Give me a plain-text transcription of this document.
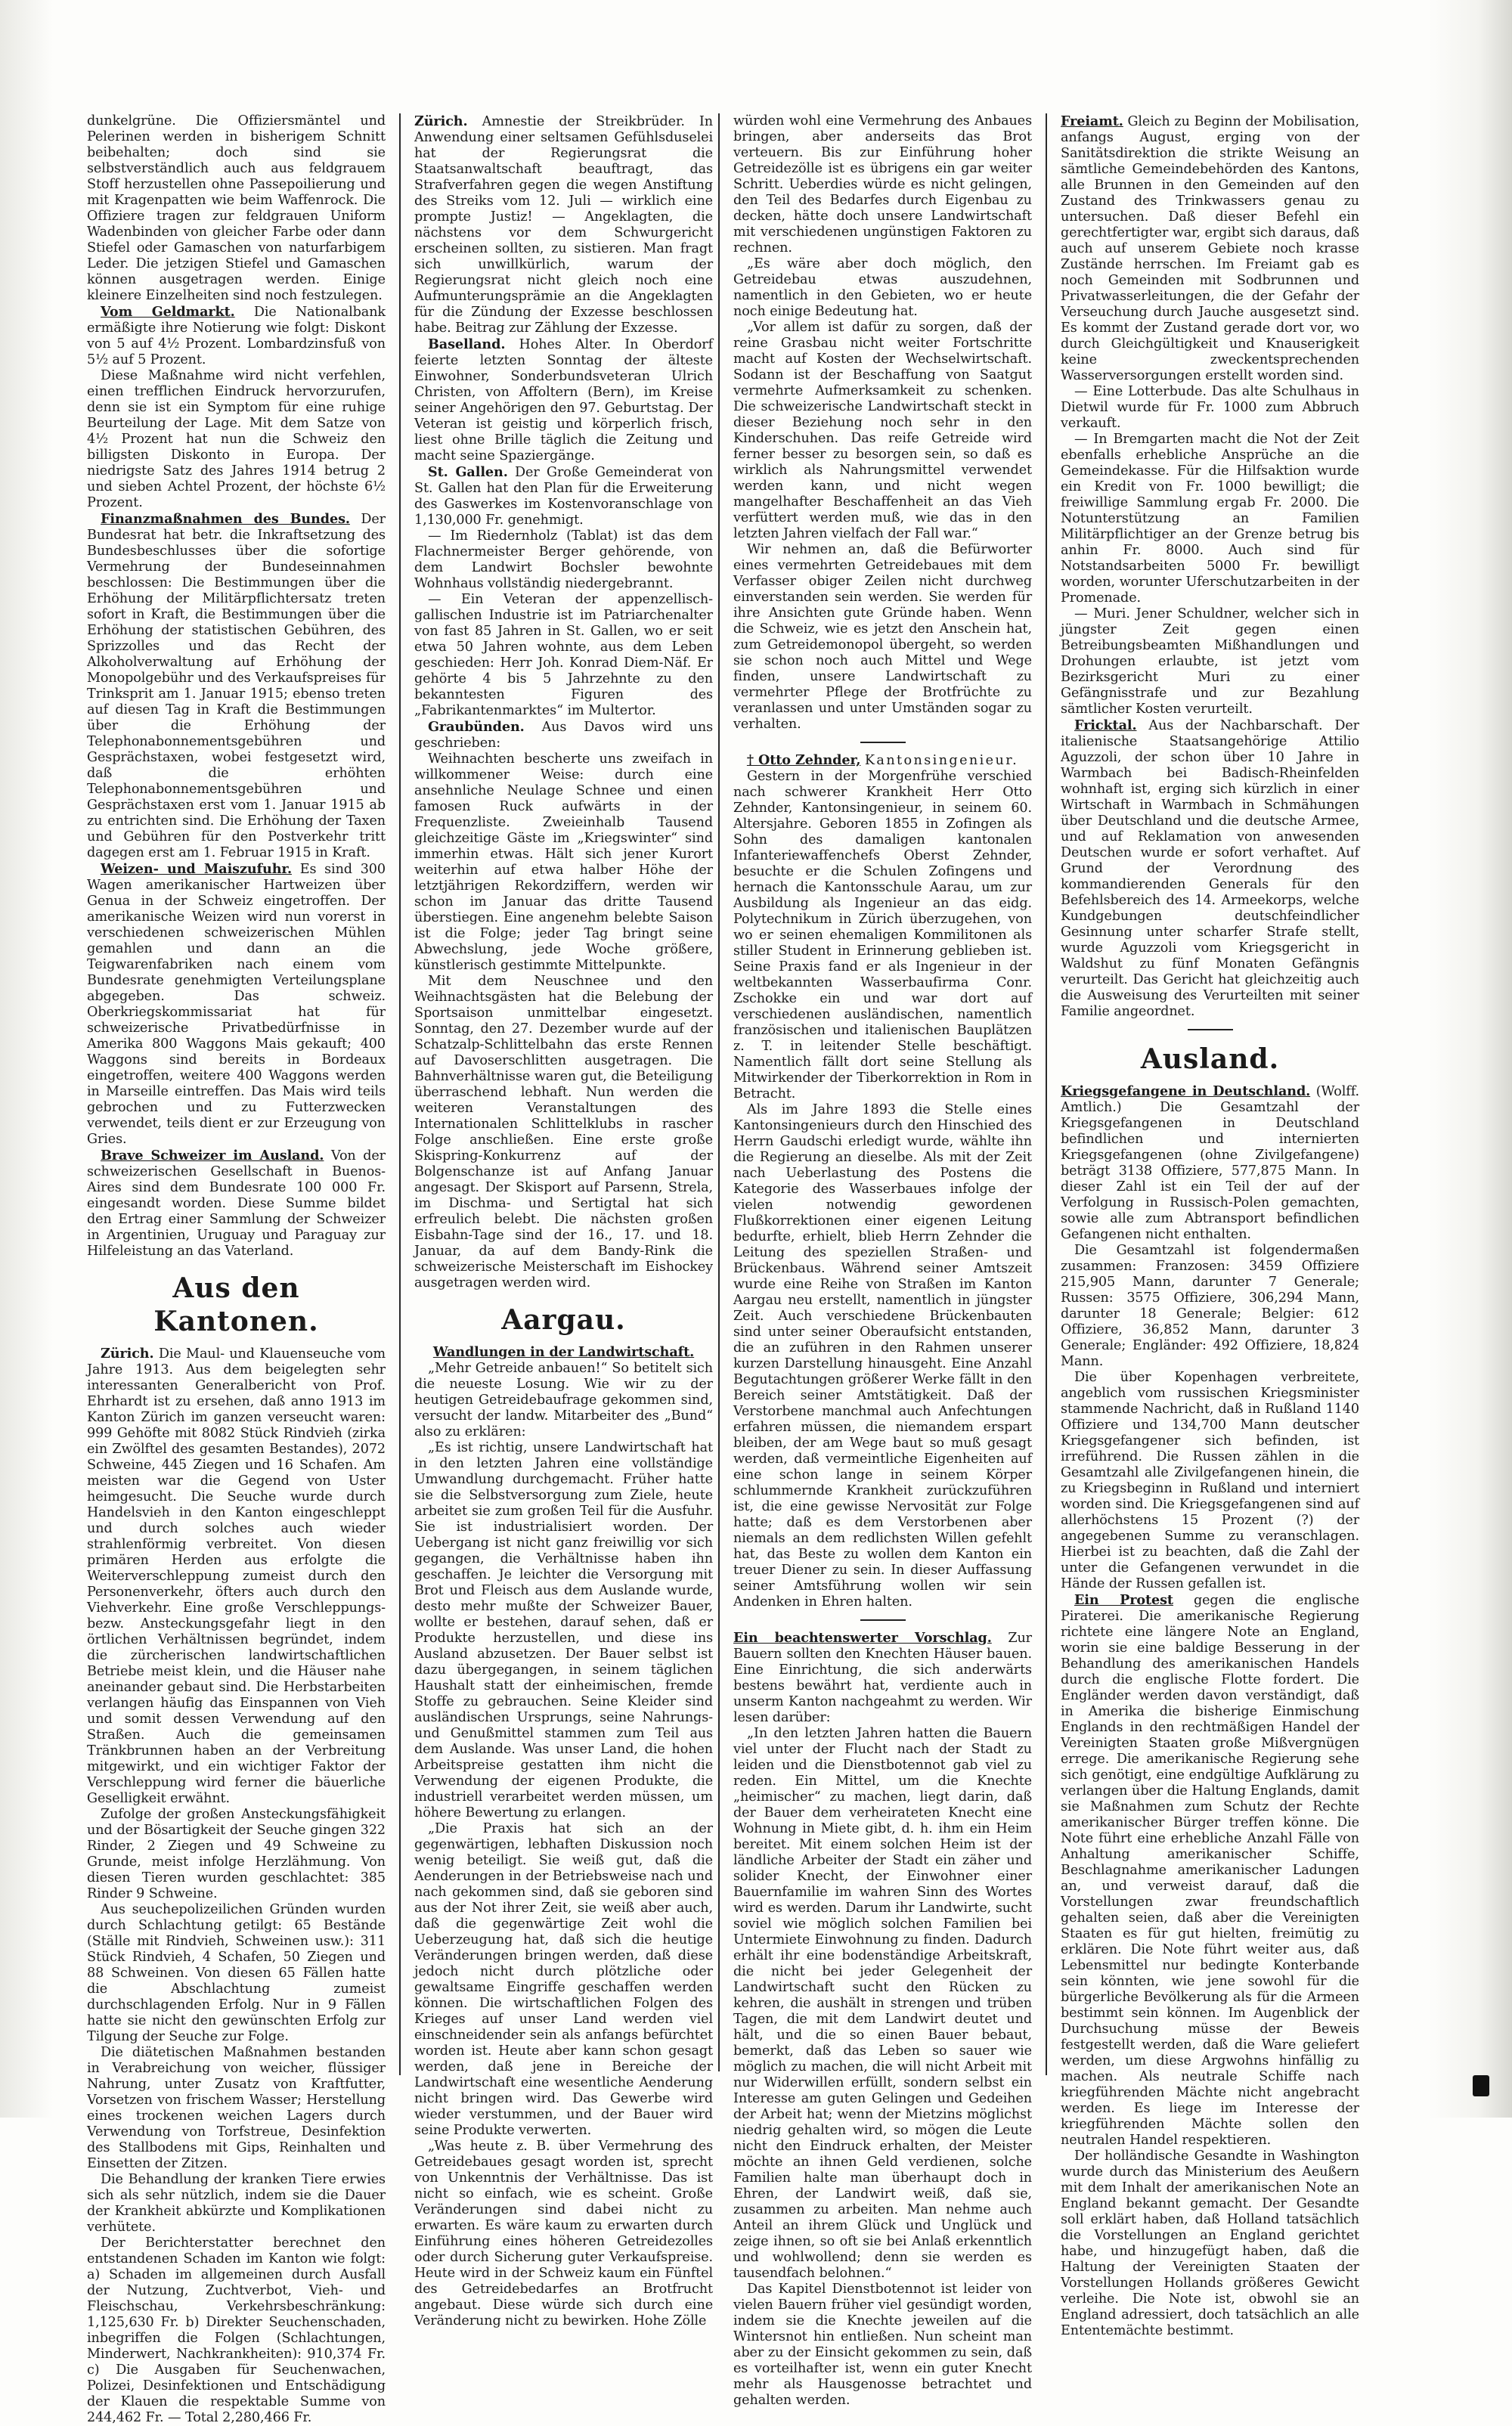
dunkelgrüne. Die Offiziersmäntel und Pelerinen werden in bisherigem Schnitt beibehalten; doch sind sie selbstverständlich auch aus feldgrauem Stoff herzustellen ohne Passepoilierung und mit Kragenpatten wie beim Waffenrock. Die Offiziere tragen zur feldgrauen Uniform Wadenbinden von gleicher Farbe oder dann Stiefel oder Gamaschen von naturfarbigem Leder. Die jetzigen Stiefel und Gamaschen können ausgetragen werden. Einige kleinere Einzelheiten sind noch festzulegen.

Vom Geldmarkt. Die Nationalbank ermäßigte ihre Notierung wie folgt: Diskont von 5 auf 4½ Prozent. Lombardzinsfuß von 5½ auf 5 Prozent.

Diese Maßnahme wird nicht verfehlen, einen trefflichen Eindruck hervorzurufen, denn sie ist ein Symptom für eine ruhige Beurteilung der Lage. Mit dem Satze von 4½ Prozent hat nun die Schweiz den billigsten Diskonto in Europa. Der niedrigste Satz des Jahres 1914 betrug 2 und sieben Achtel Prozent, der höchste 6½ Prozent.

Finanzmaßnahmen des Bundes. Der Bundesrat hat betr. die Inkraftsetzung des Bundesbeschlusses über die sofortige Vermehrung der Bundeseinnahmen beschlossen: Die Bestimmungen über die Erhöhung der Militärpflichtersatz treten sofort in Kraft, die Bestimmungen über die Erhöhung der statistischen Gebühren, des Sprizzolles und das Recht der Alkoholverwaltung auf Erhöhung der Monopolgebühr und des Verkaufspreises für Trinksprit am 1. Januar 1915; ebenso treten auf diesen Tag in Kraft die Bestimmungen über die Erhöhung der Telephonabonnementsgebühren und Gesprächstaxen, wobei festgesetzt wird, daß die erhöhten Telephonabonnementsgebühren und Gesprächstaxen erst vom 1. Januar 1915 ab zu entrichten sind. Die Erhöhung der Taxen und Gebühren für den Postverkehr tritt dagegen erst am 1. Februar 1915 in Kraft.

Weizen- und Maiszufuhr. Es sind 300 Wagen amerikanischer Hartweizen über Genua in der Schweiz eingetroffen. Der amerikanische Weizen wird nun vorerst in verschiedenen schweizerischen Mühlen gemahlen und dann an die Teigwarenfabriken nach einem vom Bundesrate genehmigten Verteilungsplane abgegeben. Das schweiz. Oberkriegskommissariat hat für schweizerische Privatbedürfnisse in Amerika 800 Waggons Mais gekauft; 400 Waggons sind bereits in Bordeaux eingetroffen, weitere 400 Waggons werden in Marseille eintreffen. Das Mais wird teils gebrochen und zu Futterzwecken verwendet, teils dient er zur Erzeugung von Gries.

Brave Schweizer im Ausland. Von der schweizerischen Gesellschaft in Buenos-Aires sind dem Bundesrate 100 000 Fr. eingesandt worden. Diese Summe bildet den Ertrag einer Sammlung der Schweizer in Argentinien, Uruguay und Paraguay zur Hilfeleistung an das Vaterland.

Aus den Kantonen.

Zürich. Die Maul- und Klauenseuche vom Jahre 1913. Aus dem beigelegten sehr interessanten Generalbericht von Prof. Ehrhardt ist zu ersehen, daß anno 1913 im Kanton Zürich im ganzen verseucht waren: 999 Gehöfte mit 8082 Stück Rindvieh (zirka ein Zwölftel des gesamten Bestandes), 2072 Schweine, 445 Ziegen und 16 Schafen. Am meisten war die Gegend von Uster heimgesucht. Die Seuche wurde durch Handelsvieh in den Kanton eingeschleppt und durch solches auch wieder strahlenförmig verbreitet. Von diesen primären Herden aus erfolgte die Weiterverschleppung zumeist durch den Personenverkehr, öfters auch durch den Viehverkehr. Eine große Verschleppungs- bezw. Ansteckungsgefahr liegt in den örtlichen Verhältnissen begründet, indem die zürcherischen landwirtschaftlichen Betriebe meist klein, und die Häuser nahe aneinander gebaut sind. Die Herbstarbeiten verlangen häufig das Einspannen von Vieh und somit dessen Verwendung auf den Straßen. Auch die gemeinsamen Tränkbrunnen haben an der Verbreitung mitgewirkt, und ein wichtiger Faktor der Verschleppung wird ferner die bäuerliche Geselligkeit erwähnt.

Zufolge der großen Ansteckungsfähigkeit und der Bösartigkeit der Seuche gingen 322 Rinder, 2 Ziegen und 49 Schweine zu Grunde, meist infolge Herzlähmung. Von diesen Tieren wurden geschlachtet: 385 Rinder 9 Schweine.

Aus seuchepolizeilichen Gründen wurden durch Schlachtung getilgt: 65 Bestände (Ställe mit Rindvieh, Schweinen usw.): 311 Stück Rindvieh, 4 Schafen, 50 Ziegen und 88 Schweinen. Von diesen 65 Fällen hatte die Abschlachtung zumeist durchschlagenden Erfolg. Nur in 9 Fällen hatte sie nicht den gewünschten Erfolg zur Tilgung der Seuche zur Folge.

Die diätetischen Maßnahmen bestanden in Verabreichung von weicher, flüssiger Nahrung, unter Zusatz von Kraftfutter, Vorsetzen von frischem Wasser; Herstellung eines trockenen weichen Lagers durch Verwendung von Torfstreue, Desinfektion des Stallbodens mit Gips, Reinhalten und Einsetten der Zitzen.

Die Behandlung der kranken Tiere erwies sich als sehr nützlich, indem sie die Dauer der Krankheit abkürzte und Komplikationen verhütete.

Der Berichterstatter berechnet den entstandenen Schaden im Kanton wie folgt: a) Schaden im allgemeinen durch Ausfall der Nutzung, Zuchtverbot, Vieh- und Fleischschau, Verkehrsbeschränkung: 1,125,630 Fr. b) Direkter Seuchenschaden, inbegriffen die Folgen (Schlachtungen, Minderwert, Nachkrankheiten): 910,374 Fr. c) Die Ausgaben für Seuchenwachen, Polizei, Desinfektionen und Entschädigung der Klauen die respektable Summe von 244,462 Fr. — Total 2,280,466 Fr.

Zürich. Amnestie der Streikbrüder. In Anwendung einer seltsamen Gefühlsduselei hat der Regierungsrat die Staatsanwaltschaft beauftragt, das Strafverfahren gegen die wegen Anstiftung des Streiks vom 12. Juli — wirklich eine prompte Justiz! — Angeklagten, die nächstens vor dem Schwurgericht erscheinen sollten, zu sistieren. Man fragt sich unwillkürlich, warum der Regierungsrat nicht gleich noch eine Aufmunterungsprämie an die Angeklagten für die Zündung der Exzesse beschlossen habe. Beitrag zur Zählung der Exzesse.

Baselland. Hohes Alter. In Oberdorf feierte letzten Sonntag der älteste Einwohner, Sonderbundsveteran Ulrich Christen, von Affoltern (Bern), im Kreise seiner Angehörigen den 97. Geburtstag. Der Veteran ist geistig und körperlich frisch, liest ohne Brille täglich die Zeitung und macht seine Spaziergänge.

St. Gallen. Der Große Gemeinderat von St. Gallen hat den Plan für die Erweiterung des Gaswerkes im Kostenvoranschlage von 1,130,000 Fr. genehmigt.

— Im Riedernholz (Tablat) ist das dem Flachnermeister Berger gehörende, von dem Landwirt Bochsler bewohnte Wohnhaus vollständig niedergebrannt.

— Ein Veteran der appenzellisch-gallischen Industrie ist im Patriarchenalter von fast 85 Jahren in St. Gallen, wo er seit etwa 50 Jahren wohnte, aus dem Leben geschieden: Herr Joh. Konrad Diem-Näf. Er gehörte 4 bis 5 Jahrzehnte zu den bekanntesten Figuren des „Fabrikantenmarktes“ im Multertor.

Graubünden. Aus Davos wird uns geschrieben:

Weihnachten bescherte uns zweifach in willkommener Weise: durch eine ansehnliche Neulage Schnee und einen famosen Ruck aufwärts in der Frequenzliste. Zweieinhalb Tausend gleichzeitige Gäste im „Kriegswinter“ sind immerhin etwas. Hält sich jener Kurort weiterhin auf etwa halber Höhe der letztjährigen Rekordziffern, werden wir schon im Januar das dritte Tausend überstiegen. Eine angenehm belebte Saison ist die Folge; jeder Tag bringt seine Abwechslung, jede Woche größere, künstlerisch gestimmte Mittelpunkte.

Mit dem Neuschnee und den Weihnachtsgästen hat die Belebung der Sportsaison unmittelbar eingesetzt. Sonntag, den 27. Dezember wurde auf der Schatzalp-Schlittelbahn das erste Rennen auf Davoserschlitten ausgetragen. Die Bahnverhältnisse waren gut, die Beteiligung überraschend lebhaft. Nun werden die weiteren Veranstaltungen des Internationalen Schlittelklubs in rascher Folge anschließen. Eine erste große Skispring-Konkurrenz auf der Bolgenschanze ist auf Anfang Januar angesagt. Der Skisport auf Parsenn, Strela, im Dischma- und Sertigtal hat sich erfreulich belebt. Die nächsten großen Eisbahn-Tage sind der 16., 17. und 18. Januar, da auf dem Bandy-Rink die schweizerische Meisterschaft im Eishockey ausgetragen werden wird.

Aargau.

Wandlungen in der Landwirtschaft.

„Mehr Getreide anbauen!“ So betitelt sich die neueste Losung. Wie wir zu der heutigen Getreidebaufrage gekommen sind, versucht der landw. Mitarbeiter des „Bund“ also zu erklären:

„Es ist richtig, unsere Landwirtschaft hat in den letzten Jahren eine vollständige Umwandlung durchgemacht. Früher hatte sie die Selbstversorgung zum Ziele, heute arbeitet sie zum großen Teil für die Ausfuhr. Sie ist industrialisiert worden. Der Uebergang ist nicht ganz freiwillig vor sich gegangen, die Verhältnisse haben ihn geschaffen. Je leichter die Versorgung mit Brot und Fleisch aus dem Auslande wurde, desto mehr mußte der Schweizer Bauer, wollte er bestehen, darauf sehen, daß er Produkte herzustellen, und diese ins Ausland abzusetzen. Der Bauer selbst ist dazu übergegangen, in seinem täglichen Haushalt statt der einheimischen, fremde Stoffe zu gebrauchen. Seine Kleider sind ausländischen Ursprungs, seine Nahrungs- und Genußmittel stammen zum Teil aus dem Auslande. Was unser Land, die hohen Arbeitspreise gestatten ihm nicht die Verwendung der eigenen Produkte, die industriell verarbeitet werden müssen, um höhere Bewertung zu erlangen.

„Die Praxis hat sich an der gegenwärtigen, lebhaften Diskussion noch wenig beteiligt. Sie weiß gut, daß die Aenderungen in der Betriebsweise nach und nach gekommen sind, daß sie geboren sind aus der Not ihrer Zeit, sie weiß aber auch, daß die gegenwärtige Zeit wohl die Ueberzeugung hat, daß sich die heutige Veränderungen bringen werden, daß diese jedoch nicht durch plötzliche oder gewaltsame Eingriffe geschaffen werden können. Die wirtschaftlichen Folgen des Krieges auf unser Land werden viel einschneidender sein als anfangs befürchtet worden ist. Heute aber kann schon gesagt werden, daß jene in Bereiche der Landwirtschaft eine wesentliche Aenderung nicht bringen wird. Das Gewerbe wird wieder verstummen, und der Bauer wird seine Produkte verwerten.

„Was heute z. B. über Vermehrung des Getreidebaues gesagt worden ist, sprecht von Unkenntnis der Verhältnisse. Das ist nicht so einfach, wie es scheint. Große Veränderungen sind dabei nicht zu erwarten. Es wäre kaum zu erwarten durch Einführung eines höheren Getreidezolles oder durch Sicherung guter Verkaufspreise. Heute wird in der Schweiz kaum ein Fünftel des Getreidebedarfes an Brotfrucht angebaut. Diese würde sich durch eine Veränderung nicht zu bewirken. Hohe Zölle

würden wohl eine Vermehrung des Anbaues bringen, aber anderseits das Brot verteuern. Bis zur Einführung hoher Getreidezölle ist es übrigens ein gar weiter Schritt. Ueberdies würde es nicht gelingen, den Teil des Bedarfes durch Eigenbau zu decken, hätte doch unsere Landwirtschaft mit verschiedenen ungünstigen Faktoren zu rechnen.

„Es wäre aber doch möglich, den Getreidebau etwas auszudehnen, namentlich in den Gebieten, wo er heute noch einige Bedeutung hat.

„Vor allem ist dafür zu sorgen, daß der reine Grasbau nicht weiter Fortschritte macht auf Kosten der Wechselwirtschaft. Sodann ist der Beschaffung von Saatgut vermehrte Aufmerksamkeit zu schenken. Die schweizerische Landwirtschaft steckt in dieser Beziehung noch sehr in den Kinderschuhen. Das reife Getreide wird ferner besser zu besorgen sein, so daß es wirklich als Nahrungsmittel verwendet werden kann, und nicht wegen mangelhafter Beschaffenheit an das Vieh verfüttert werden muß, wie das in den letzten Jahren vielfach der Fall war.“

Wir nehmen an, daß die Befürworter eines vermehrten Getreidebaues mit dem Verfasser obiger Zeilen nicht durchweg einverstanden sein werden. Sie werden für ihre Ansichten gute Gründe haben. Wenn die Schweiz, wie es jetzt den Anschein hat, zum Getreidemonopol übergeht, so werden sie schon noch auch Mittel und Wege finden, unsere Landwirtschaft zu vermehrter Pflege der Brotfrüchte zu veranlassen und unter Umständen sogar zu verhalten.

† Otto Zehnder, Kantonsingenieur.

Gestern in der Morgenfrühe verschied nach schwerer Krankheit Herr Otto Zehnder, Kantonsingenieur, in seinem 60. Altersjahre. Geboren 1855 in Zofingen als Sohn des damaligen kantonalen Infanteriewaffenchefs Oberst Zehnder, besuchte er die Schulen Zofingens und hernach die Kantonsschule Aarau, um zur Ausbildung als Ingenieur an das eidg. Polytechnikum in Zürich überzugehen, von wo er seinen ehemaligen Kommilitonen als stiller Student in Erinnerung geblieben ist. Seine Praxis fand er als Ingenieur in der weltbekannten Wasserbaufirma Conr. Zschokke ein und war dort auf verschiedenen ausländischen, namentlich französischen und italienischen Bauplätzen z. T. in leitender Stelle beschäftigt. Namentlich fällt dort seine Stellung als Mitwirkender der Tiberkorrektion in Rom in Betracht.

Als im Jahre 1893 die Stelle eines Kantonsingenieurs durch den Hinschied des Herrn Gaudschi erledigt wurde, wählte ihn die Regierung an dieselbe. Als mit der Zeit nach Ueberlastung des Postens die Kategorie des Wasserbaues infolge der vielen notwendig gewordenen Flußkorrektionen einer eigenen Leitung bedurfte, erhielt, blieb Herrn Zehnder die Leitung des speziellen Straßen- und Brückenbaus. Während seiner Amtszeit wurde eine Reihe von Straßen im Kanton Aargau neu erstellt, namentlich in jüngster Zeit. Auch verschiedene Brückenbauten sind unter seiner Oberaufsicht entstanden, die an zuführen in den Rahmen unserer kurzen Darstellung hinausgeht. Eine Anzahl Begutachtungen größerer Werke fällt in den Bereich seiner Amtstätigkeit. Daß der Verstorbene manchmal auch Anfechtungen erfahren müssen, die niemandem erspart bleiben, der am Wege baut so muß gesagt werden, daß vermeintliche Eigenheiten auf eine schon lange in seinem Körper schlummernde Krankheit zurückzuführen ist, die eine gewisse Nervosität zur Folge hatte; daß es dem Verstorbenen aber niemals an dem redlichsten Willen gefehlt hat, das Beste zu wollen dem Kanton ein treuer Diener zu sein. In dieser Auffassung seiner Amtsführung wollen wir sein Andenken in Ehren halten.

Ein beachtenswerter Vorschlag. Zur Bauern sollten den Knechten Häuser bauen. Eine Einrichtung, die sich anderwärts bestens bewährt hat, verdiente auch in unserm Kanton nachgeahmt zu werden. Wir lesen darüber:

„In den letzten Jahren hatten die Bauern viel unter der Flucht nach der Stadt zu leiden und die Dienstbotennot gab viel zu reden. Ein Mittel, um die Knechte „heimischer“ zu machen, liegt darin, daß der Bauer dem verheirateten Knecht eine Wohnung in Miete gibt, d. h. ihm ein Heim bereitet. Mit einem solchen Heim ist der ländliche Arbeiter der Stadt ein zäher und solider Knecht, der Einwohner einer Bauernfamilie im wahren Sinn des Wortes wird es werden. Darum ihr Landwirte, sucht soviel wie möglich solchen Familien bei Untermiete Einwohnung zu finden. Dadurch erhält ihr eine bodenständige Arbeitskraft, die nicht bei jeder Gelegenheit der Landwirtschaft sucht den Rücken zu kehren, die aushält in strengen und trüben Tagen, die mit dem Landwirt deutet und hält, und die so einen Bauer bebaut, bemerkt, daß das Leben so sauer wie möglich zu machen, die will nicht Arbeit mit nur Widerwillen erfüllt, sondern selbst ein Interesse am guten Gelingen und Gedeihen der Arbeit hat; wenn der Mietzins möglichst niedrig gehalten wird, so mögen die Leute nicht den Eindruck erhalten, der Meister möchte an ihnen Geld verdienen, solche Familien halte man überhaupt doch in Ehren, der Landwirt weiß, daß sie, zusammen zu arbeiten. Man nehme auch Anteil an ihrem Glück und Unglück und zeige ihnen, so oft sie bei Anlaß erkenntlich und wohlwollend; denn sie werden es tausendfach belohnen.“

Das Kapitel Dienstbotennot ist leider von vielen Bauern früher viel gesündigt worden, indem sie die Knechte jeweilen auf die Wintersnot hin entließen. Nun scheint man aber zu der Einsicht gekommen zu sein, daß es vorteilhafter ist, wenn ein guter Knecht mehr als Hausgenosse betrachtet und gehalten werden.

Freiamt. Gleich zu Beginn der Mobilisation, anfangs August, erging von der Sanitätsdirektion die strikte Weisung an sämtliche Gemeindebehörden des Kantons, alle Brunnen in den Gemeinden auf den Zustand des Trinkwassers genau zu untersuchen. Daß dieser Befehl ein gerechtfertigter war, ergibt sich daraus, daß auch auf unserem Gebiete noch krasse Zustände herrschen. Im Freiamt gab es noch Gemeinden mit Sodbrunnen und Privatwasserleitungen, die der Gefahr der Verseuchung durch Jauche ausgesetzt sind. Es kommt der Zustand gerade dort vor, wo durch Gleichgültigkeit und Knauserigkeit keine zweckentsprechenden Wasserversorgungen erstellt worden sind.

— Eine Lotterbude. Das alte Schulhaus in Dietwil wurde für Fr. 1000 zum Abbruch verkauft.

— In Bremgarten macht die Not der Zeit ebenfalls erhebliche Ansprüche an die Gemeindekasse. Für die Hilfsaktion wurde ein Kredit von Fr. 1000 bewilligt; die freiwillige Sammlung ergab Fr. 2000. Die Notunterstützung an Familien Militärpflichtiger an der Grenze betrug bis anhin Fr. 8000. Auch sind für Notstandsarbeiten 5000 Fr. bewilligt worden, worunter Uferschutzarbeiten in der Promenade.

— Muri. Jener Schuldner, welcher sich in jüngster Zeit gegen einen Betreibungsbeamten Mißhandlungen und Drohungen erlaubte, ist jetzt vom Bezirksgericht Muri zu einer Gefängnisstrafe und zur Bezahlung sämtlicher Kosten verurteilt.

Fricktal. Aus der Nachbarschaft. Der italienische Staatsangehörige Attilio Aguzzoli, der schon über 10 Jahre in Warmbach bei Badisch-Rheinfelden wohnhaft ist, erging sich kürzlich in einer Wirtschaft in Warmbach in Schmähungen über Deutschland und die deutsche Armee, und auf Reklamation von anwesenden Deutschen wurde er sofort verhaftet. Auf Grund der Verordnung des kommandierenden Generals für den Befehlsbereich des 14. Armeekorps, welche Kundgebungen deutschfeindlicher Gesinnung unter scharfer Strafe stellt, wurde Aguzzoli vom Kriegsgericht in Waldshut zu fünf Monaten Gefängnis verurteilt. Das Gericht hat gleichzeitig auch die Ausweisung des Verurteilten mit seiner Familie angeordnet.

Ausland.

Kriegsgefangene in Deutschland. (Wolff. Amtlich.) Die Gesamtzahl der Kriegsgefangenen in Deutschland befindlichen und internierten Kriegsgefangenen (ohne Zivilgefangene) beträgt 3138 Offiziere, 577,875 Mann. In dieser Zahl ist ein Teil der auf der Verfolgung in Russisch-Polen gemachten, sowie alle zum Abtransport befindlichen Gefangenen nicht enthalten.

Die Gesamtzahl ist folgendermaßen zusammen: Franzosen: 3459 Offiziere 215,905 Mann, darunter 7 Generale; Russen: 3575 Offiziere, 306,294 Mann, darunter 18 Generale; Belgier: 612 Offiziere, 36,852 Mann, darunter 3 Generale; Engländer: 492 Offiziere, 18,824 Mann.

Die über Kopenhagen verbreitete, angeblich vom russischen Kriegsminister stammende Nachricht, daß in Rußland 1140 Offiziere und 134,700 Mann deutscher Kriegsgefangener sich befinden, ist irreführend. Die Russen zählen in die Gesamtzahl alle Zivilgefangenen hinein, die zu Kriegsbeginn in Rußland und interniert worden sind. Die Kriegsgefangenen sind auf allerhöchstens 15 Prozent (?) der angegebenen Summe zu veranschlagen. Hierbei ist zu beachten, daß die Zahl der unter die Gefangenen verwundet in die Hände der Russen gefallen ist.

Ein Protest gegen die englische Piraterei. Die amerikanische Regierung richtete eine längere Note an England, worin sie eine baldige Besserung in der Behandlung des amerikanischen Handels durch die englische Flotte fordert. Die Engländer werden davon verständigt, daß in Amerika die bisherige Einmischung Englands in den rechtmäßigen Handel der Vereinigten Staaten große Mißvergnügen errege. Die amerikanische Regierung sehe sich genötigt, eine endgültige Aufklärung zu verlangen über die Haltung Englands, damit sie Maßnahmen zum Schutz der Rechte amerikanischer Bürger treffen könne. Die Note führt eine erhebliche Anzahl Fälle von Anhaltung amerikanischer Schiffe, Beschlagnahme amerikanischer Ladungen an, und verweist darauf, daß die Vorstellungen zwar freundschaftlich gehalten seien, daß aber die Vereinigten Staaten es für gut hielten, freimütig zu erklären. Die Note führt weiter aus, daß Lebensmittel nur bedingte Konterbande sein könnten, wie jene sowohl für die bürgerliche Bevölkerung als für die Armeen bestimmt sein können. Im Augenblick der Durchsuchung müsse der Beweis festgestellt werden, daß die Ware geliefert werden, um diese Argwohns hinfällig zu machen. Als neutrale Schiffe nach kriegführenden Mächte nicht angebracht werden. Es liege im Interesse der kriegführenden Mächte sollen den neutralen Handel respektieren.

Der holländische Gesandte in Washington wurde durch das Ministerium des Aeußern mit dem Inhalt der amerikanischen Note an England bekannt gemacht. Der Gesandte soll erklärt haben, daß Holland tatsächlich die Vorstellungen an England gerichtet habe, und hinzugefügt haben, daß die Haltung der Vereinigten Staaten der Vorstellungen Hollands größeres Gewicht verleihe. Die Note ist, obwohl sie an England adressiert, doch tatsächlich an alle Ententemächte bestimmt.
